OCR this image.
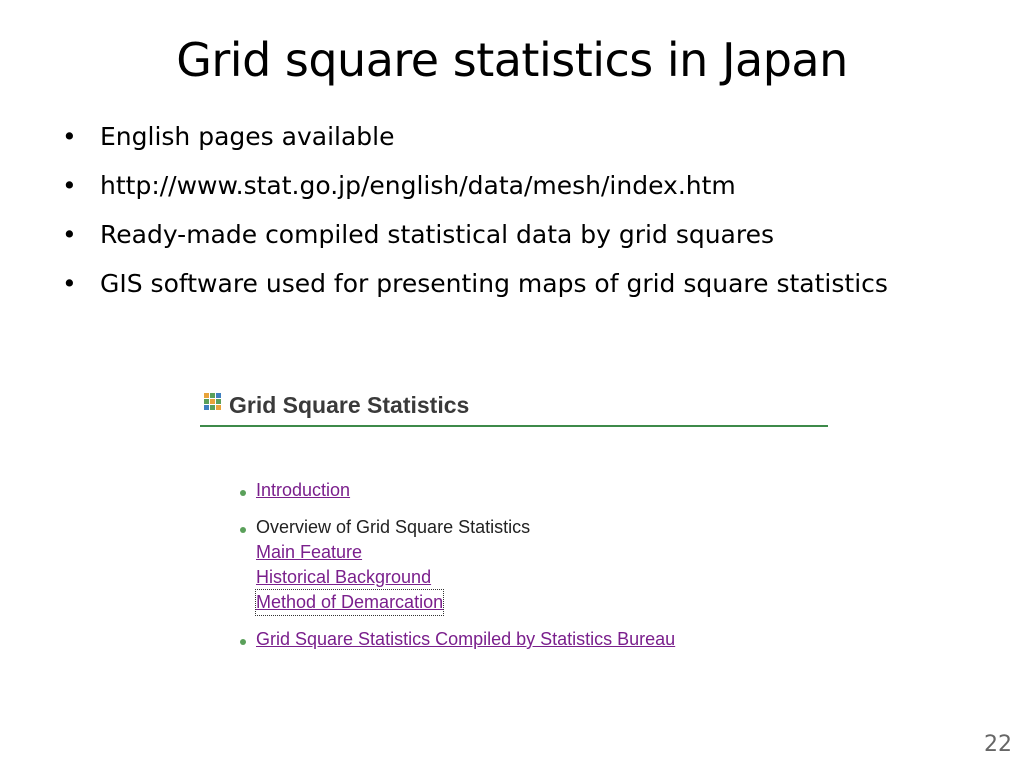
Grid square statistics in Japan
• English pages available
• http://www.stat.go.jp/english/data/mesh/index.htm
• Ready-made compiled statistical data by grid squares
• GIS software used for presenting maps of grid square statistics
Grid Square Statistics
Introduction
Overview of Grid Square Statistics
Main Feature
Historical Background
Method of Demarcation
Grid Square Statistics Compiled by Statistics Bureau
22
